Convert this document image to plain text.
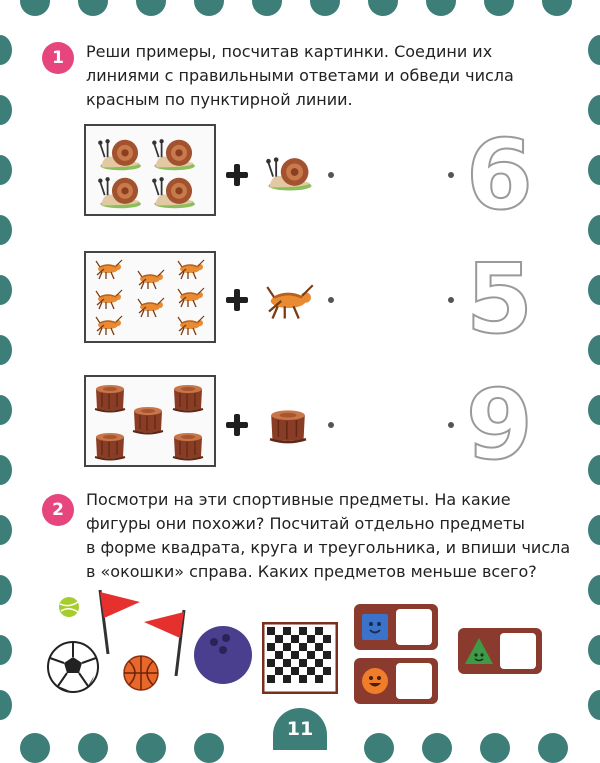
1	Реши примеры, посчитав картинки. Соедини их
линиями с правильными ответами и обведи числа
красным по пунктирной линии.
6
5
9
2
Посмотри на эти спортивные предметы. На какие
фигуры они похожи? Посчитай отдельно предметы
в форме квадрата, круга и треугольника, и впиши числа
в «окошки» справа. Каких предметов меньше всего?
11
